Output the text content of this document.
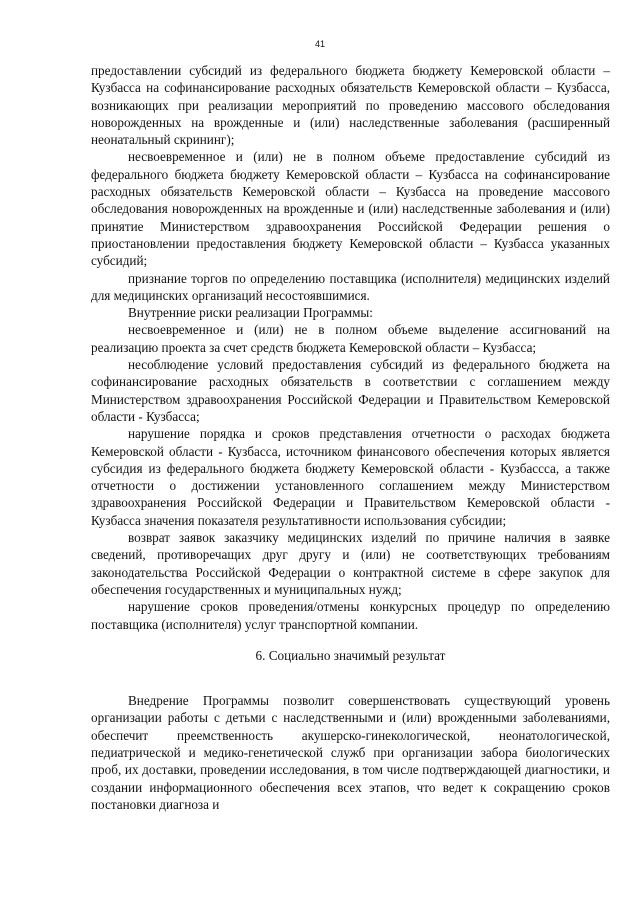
41

предоставлении субсидий из федерального бюджета бюджету Кемеровской области – Кузбасса на софинансирование расходных обязательств Кемеровской области – Кузбасса, возникающих при реализации мероприятий по проведению массового обследования новорожденных на врожденные и (или) наследственные заболевания (расширенный неонатальный скрининг);

несвоевременное и (или) не в полном объеме предоставление субсидий из федерального бюджета бюджету Кемеровской области – Кузбасса на софинансирование расходных обязательств Кемеровской области – Кузбасса на проведение массового обследования новорожденных на врожденные и (или) наследственные заболевания и (или) принятие Министерством здравоохранения Российской Федерации решения о приостановлении предоставления бюджету Кемеровской области – Кузбасса указанных субсидий;

признание торгов по определению поставщика (исполнителя) медицинских изделий для медицинских организаций несостоявшимися.

Внутренние риски реализации Программы:

несвоевременное и (или) не в полном объеме выделение ассигнований на реализацию проекта за счет средств бюджета Кемеровской области – Кузбасса;

несоблюдение условий предоставления субсидий из федерального бюджета на софинансирование расходных обязательств в соответствии с соглашением между Министерством здравоохранения Российской Федерации и Правительством Кемеровской области - Кузбасса;

нарушение порядка и сроков представления отчетности о расходах бюджета Кемеровской области - Кузбасса, источником финансового обеспечения которых является субсидия из федерального бюджета бюджету Кемеровской области - Кузбассса, а также отчетности о достижении установленного соглашением между Министерством здравоохранения Российской Федерации и Правительством Кемеровской области - Кузбасса значения показателя результативности использования субсидии;

возврат заявок заказчику медицинских изделий по причине наличия в заявке сведений, противоречащих друг другу и (или) не соответствующих требованиям законодательства Российской Федерации о контрактной системе в сфере закупок для обеспечения государственных и муниципальных нужд;

нарушение сроков проведения/отмены конкурсных процедур по определению поставщика (исполнителя) услуг транспортной компании.

6. Социально значимый результат

Внедрение Программы позволит совершенствовать существующий уровень организации работы с детьми с наследственными и (или) врожденными заболеваниями, обеспечит преемственность акушерско-гинекологической, неонатологической, педиатрической и медико-генетической служб при организации забора биологических проб, их доставки, проведении исследования, в том числе подтверждающей диагностики, и создании информационного обеспечения всех этапов, что ведет к сокращению сроков постановки диагноза и
